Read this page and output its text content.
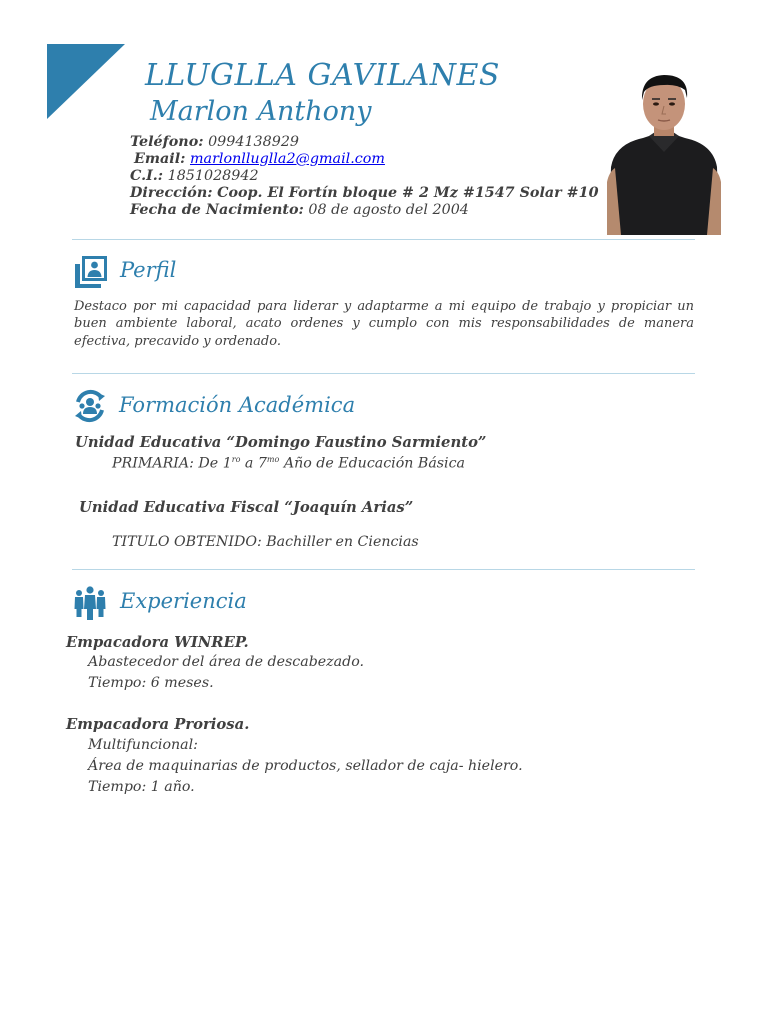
LLUGLLA GAVILANES
Marlon Anthony
Teléfono: 0994138929
Email: marlonlluglla2@gmail.com
C.I.: 1851028942
Dirección: Coop. El Fortín bloque # 2 Mz #1547 Solar #10
Fecha de Nacimiento: 08 de agosto del 2004
Perfil
Destaco por mi capacidad para liderar y adaptarme a mi equipo de trabajo y propiciar un buen ambiente laboral, acato ordenes y cumplo con mis responsabilidades de manera efectiva, precavido y ordenado.
Formación Académica
Unidad Educativa “Domingo Faustino Sarmiento”
PRIMARIA: De $1^{ro}$ a $7^{mo}$ Año de Educación Básica
Unidad Educativa Fiscal “Joaquín Arias”
TITULO OBTENIDO: Bachiller en Ciencias
Experiencia
Empacadora WINREP.
Abastecedor del área de descabezado.
Tiempo: 6 meses.
Empacadora Proriosa.
Multifuncional:
Área de maquinarias de productos, sellador de caja- hielero.
Tiempo: 1 año.
